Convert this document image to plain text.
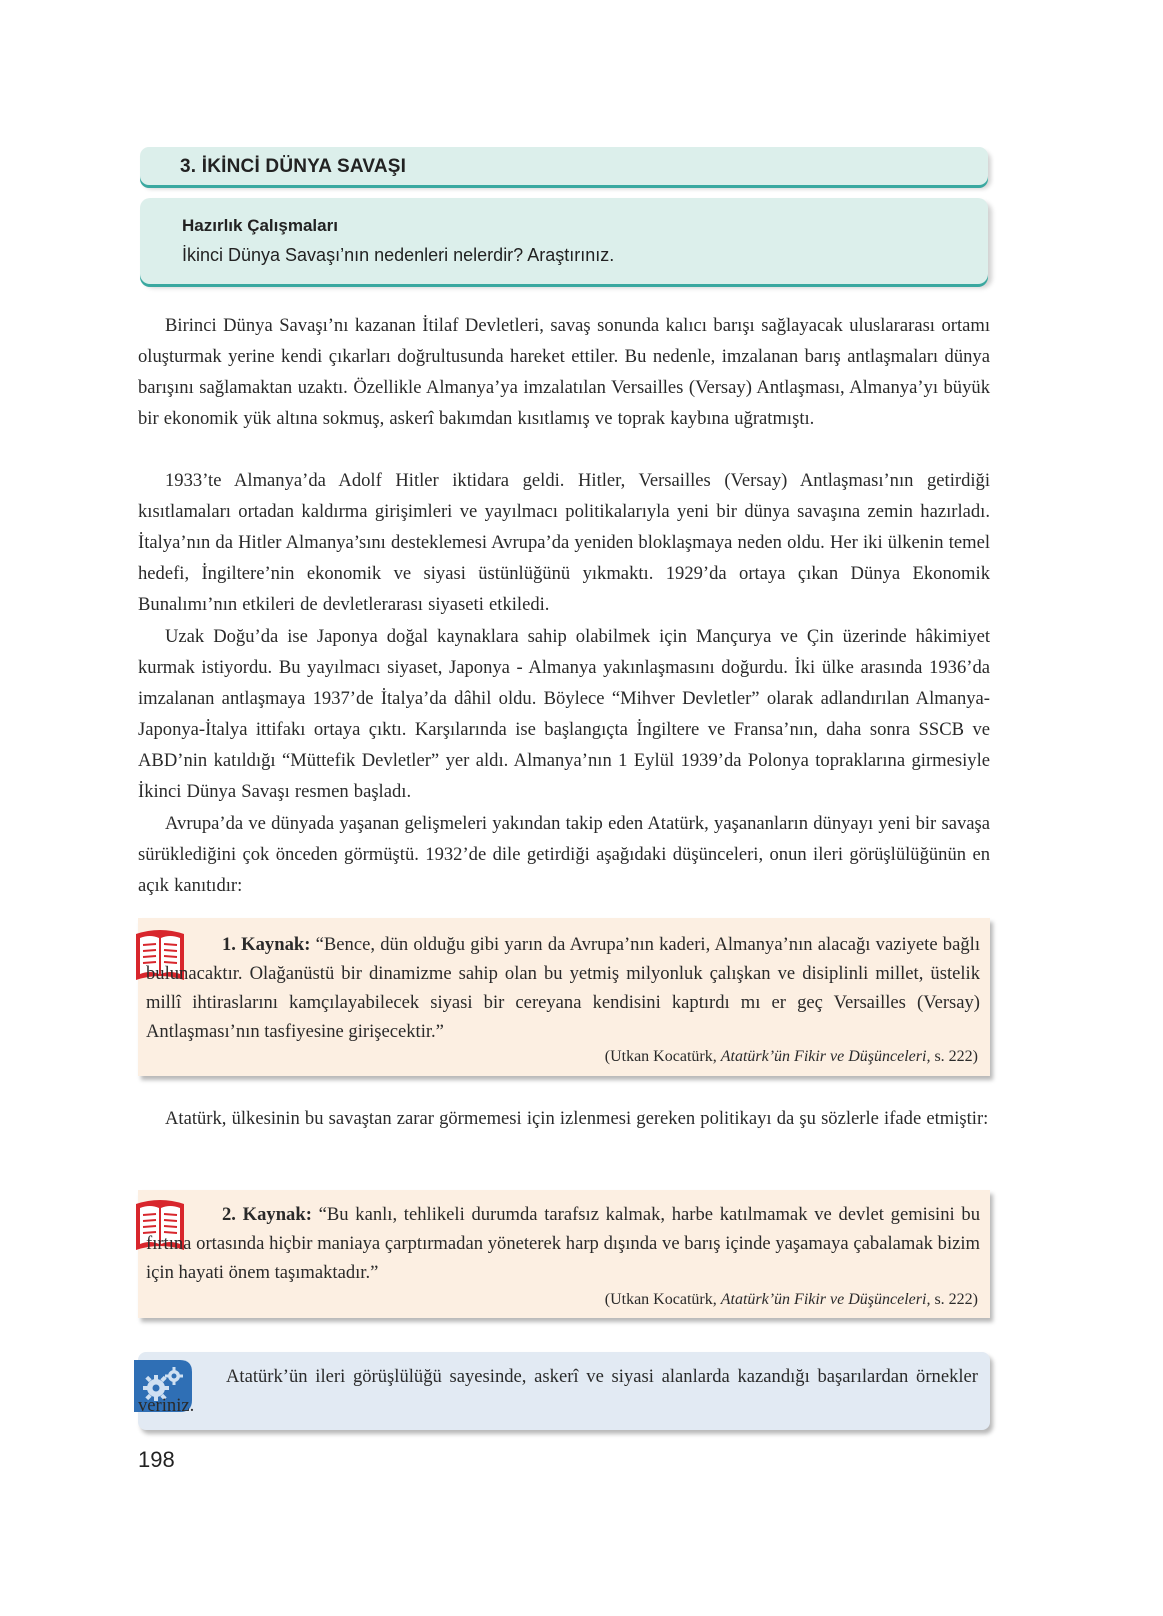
3. İKİNCİ DÜNYA SAVAŞI
Hazırlık Çalışmaları
İkinci Dünya Savaşı’nın nedenleri nelerdir? Araştırınız.

Birinci Dünya Savaşı’nı kazanan İtilaf Devletleri, savaş sonunda kalıcı barışı sağlayacak uluslararası ortamı oluşturmak yerine kendi çıkarları doğrultusunda hareket ettiler. Bu nedenle, imzalanan barış antlaşmaları dünya barışını sağlamaktan uzaktı. Özellikle Almanya’ya imzalatılan Versailles (Versay) Antlaşması, Almanya’yı büyük bir ekonomik yük altına sokmuş, askerî bakımdan kısıtlamış ve toprak kaybına uğratmıştı.

1933’te Almanya’da Adolf Hitler iktidara geldi. Hitler, Versailles (Versay) Antlaşması’nın getirdiği kısıtlamaları ortadan kaldırma girişimleri ve yayılmacı politikalarıyla yeni bir dünya savaşına zemin hazırladı. İtalya’nın da Hitler Almanya’sını desteklemesi Avrupa’da yeniden bloklaşmaya neden oldu. Her iki ülkenin temel hedefi, İngiltere’nin ekonomik ve siyasi üstünlüğünü yıkmaktı. 1929’da ortaya çıkan Dünya Ekonomik Bunalımı’nın etkileri de devletlerarası siyaseti etkiledi.

Uzak Doğu’da ise Japonya doğal kaynaklara sahip olabilmek için Mançurya ve Çin üzerinde hâkimiyet kurmak istiyordu. Bu yayılmacı siyaset, Japonya - Almanya yakınlaşmasını doğurdu. İki ülke arasında 1936’da imzalanan antlaşmaya 1937’de İtalya’da dâhil oldu. Böylece “Mihver Devletler” olarak adlandırılan Almanya-Japonya-İtalya ittifakı ortaya çıktı. Karşılarında ise başlangıçta İngiltere ve Fransa’nın, daha sonra SSCB ve ABD’nin katıldığı “Müttefik Devletler” yer aldı. Almanya’nın 1 Eylül 1939’da Polonya topraklarına girmesiyle İkinci Dünya Savaşı resmen başladı.

Avrupa’da ve dünyada yaşanan gelişmeleri yakından takip eden Atatürk, yaşananların dünyayı yeni bir savaşa sürüklediğini çok önceden görmüştü. 1932’de dile getirdiği aşağıdaki düşünceleri, onun ileri görüşlülüğünün en açık kanıtıdır:

1. Kaynak: “Bence, dün olduğu gibi yarın da Avrupa’nın kaderi, Almanya’nın alacağı vaziyete bağlı bulunacaktır. Olağanüstü bir dinamizme sahip olan bu yetmiş milyonluk çalışkan ve disiplinli millet, üstelik millî ihtiraslarını kamçılayabilecek siyasi bir cereyana kendisini kaptırdı mı er geç Versailles (Versay) Antlaşması’nın tasfiyesine girişecektir.”

(Utkan Kocatürk, Atatürk’ün Fikir ve Düşünceleri, s. 222)

Atatürk, ülkesinin bu savaştan zarar görmemesi için izlenmesi gereken politikayı da şu sözlerle ifade etmiştir:

2. Kaynak: “Bu kanlı, tehlikeli durumda tarafsız kalmak, harbe katılmamak ve devlet gemisini bu fırtına ortasında hiçbir maniaya çarptırmadan yöneterek harp dışında ve barış içinde yaşamaya çabalamak bizim için hayati önem taşımaktadır.”

(Utkan Kocatürk, Atatürk’ün Fikir ve Düşünceleri, s. 222)

Atatürk’ün ileri görüşlülüğü sayesinde, askerî ve siyasi alanlarda kazandığı başarılardan örnekler veriniz.

198
